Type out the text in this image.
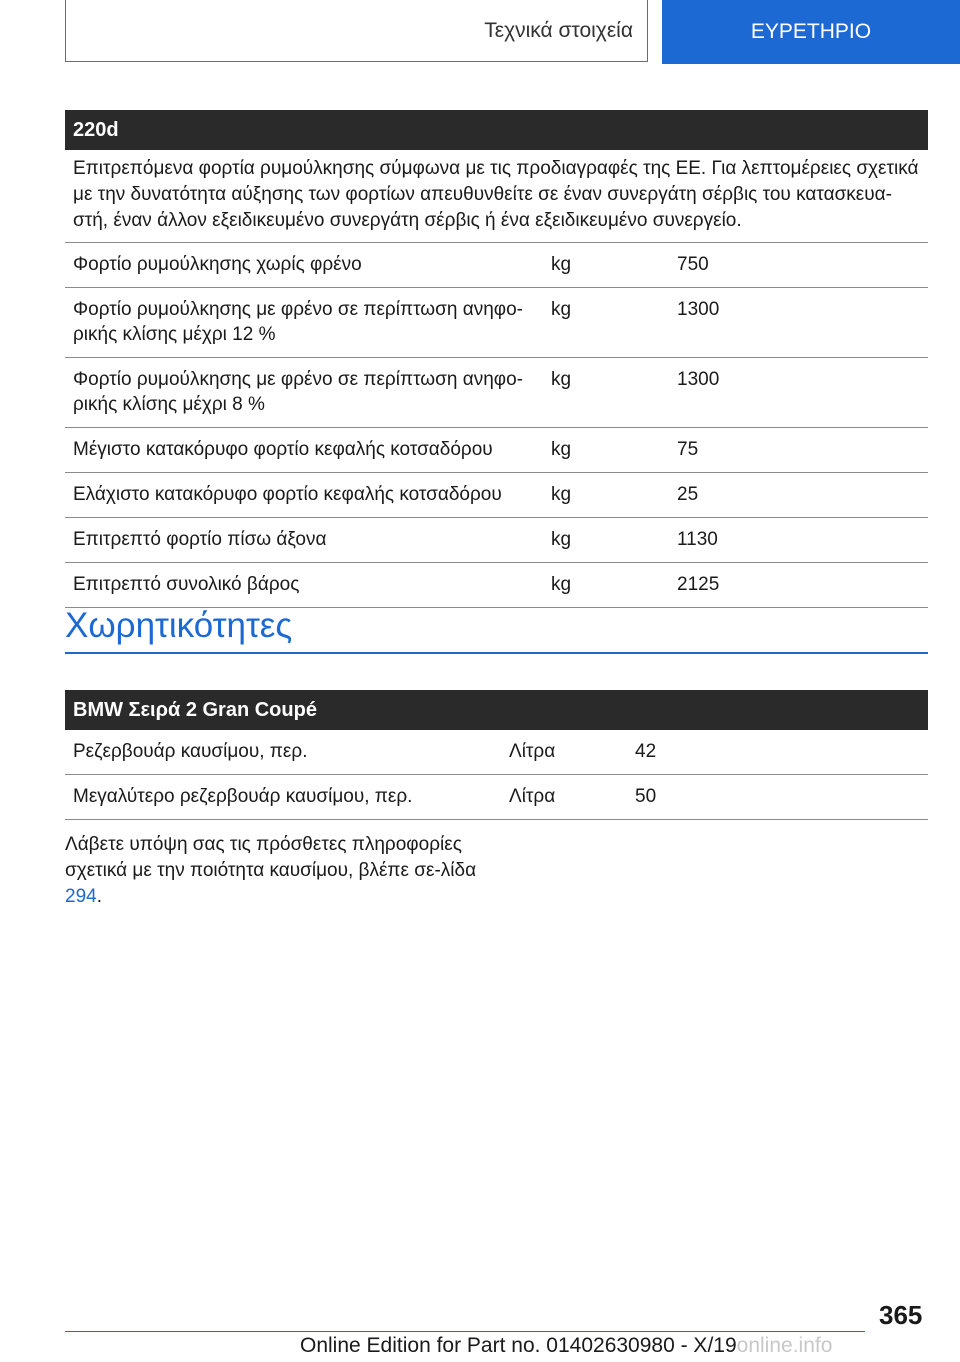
Τεχνικά στοιχεία	ΕΥΡΕΤΗΡΙΟ
220d		
Επιτρεπόμενα φορτία ρυμούλκησης σύμφωνα με τις προδιαγραφές της ΕΕ. Για λεπτομέρειες σχετικά με την δυνατότητα αύξησης των φορτίων απευθυνθείτε σε έναν συνεργάτη σέρβις του κατασκευα-στή, έναν άλλον εξειδικευμένο συνεργάτη σέρβις ή ένα εξειδικευμένο συνεργείο.		
Φορτίο ρυμούλκησης χωρίς φρένο	kg	750
Φορτίο ρυμούλκησης με φρένο σε περίπτωση ανηφο-ρικής κλίσης μέχρι 12 %	kg	1300
Φορτίο ρυμούλκησης με φρένο σε περίπτωση ανηφο-ρικής κλίσης μέχρι 8 %	kg	1300
Μέγιστο κατακόρυφο φορτίο κεφαλής κοτσαδόρου	kg	75
Ελάχιστο κατακόρυφο φορτίο κεφαλής κοτσαδόρου	kg	25
Επιτρεπτό φορτίο πίσω άξονα	kg	1130
Επιτρεπτό συνολικό βάρος	kg	2125
Χωρητικότητες
BMW Σειρά 2 Gran Coupé		
Ρεζερβουάρ καυσίμου, περ.	Λίτρα	42
Μεγαλύτερο ρεζερβουάρ καυσίμου, περ.	Λίτρα	50
Λάβετε υπόψη σας τις πρόσθετες πληροφορίες σχετικά με την ποιότητα καυσίμου, βλέπε σε-λίδα 294.
365
Online Edition for Part no. 01402630980 - X/19online.info
